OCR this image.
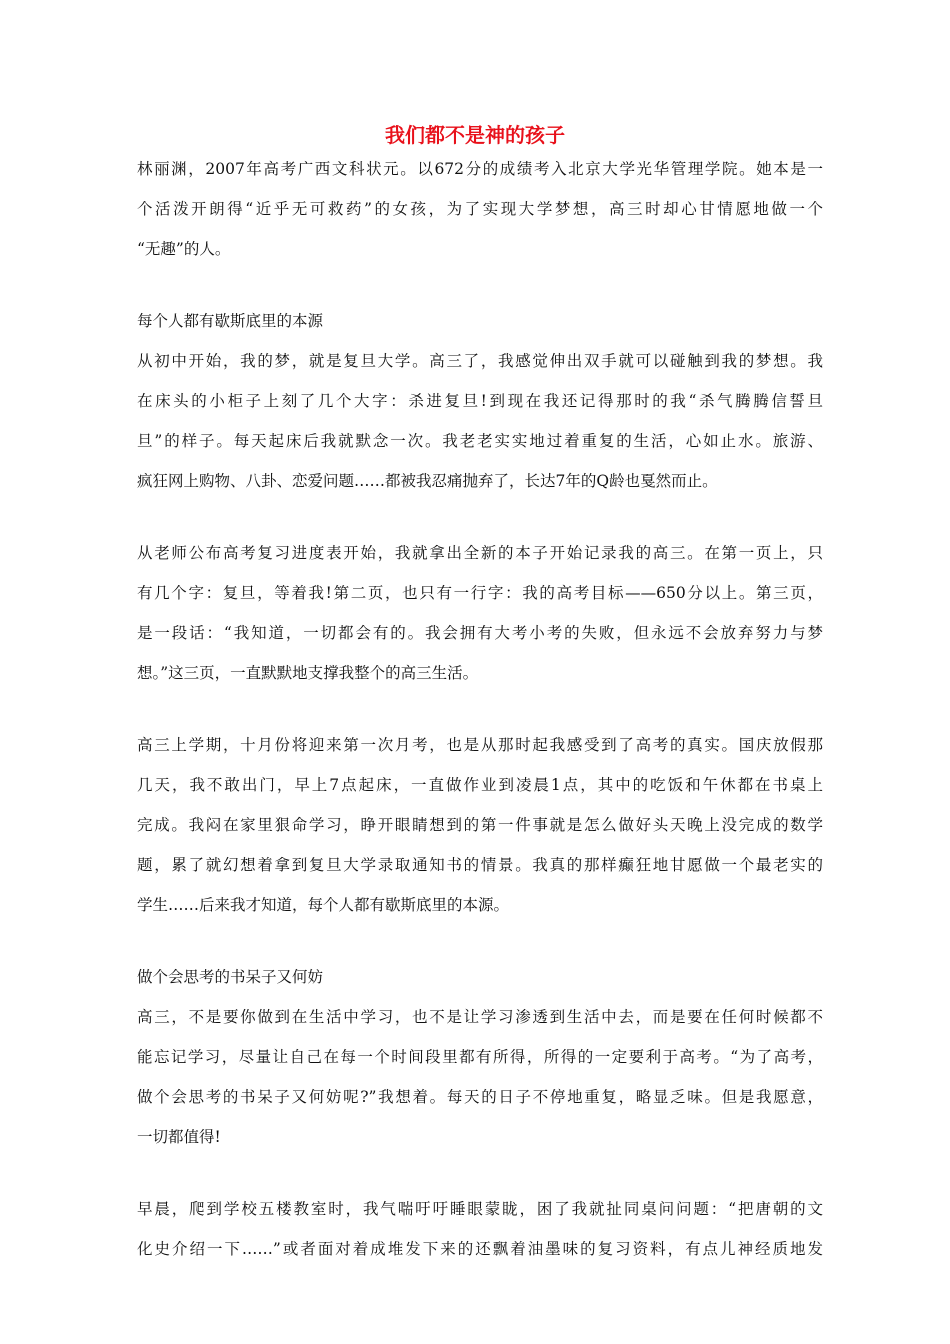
我们都不是神的孩子
林丽渊，2007年高考广西文科状元。以672分的成绩考入北京大学光华管理学院。她本是一
个活泼开朗得“近乎无可救药”的女孩，为了实现大学梦想，高三时却心甘情愿地做一个
“无趣”的人。
每个人都有歇斯底里的本源
从初中开始，我的梦，就是复旦大学。高三了，我感觉伸出双手就可以碰触到我的梦想。我
在床头的小柜子上刻了几个大字：杀进复旦!到现在我还记得那时的我“杀气腾腾信誓旦
旦”的样子。每天起床后我就默念一次。我老老实实地过着重复的生活，心如止水。旅游、
疯狂网上购物、八卦、恋爱问题……都被我忍痛抛弃了，长达7年的Q龄也戛然而止。
从老师公布高考复习进度表开始，我就拿出全新的本子开始记录我的高三。在第一页上，只
有几个字：复旦，等着我!第二页，也只有一行字：我的高考目标——650分以上。第三页，
是一段话：“我知道，一切都会有的。我会拥有大考小考的失败，但永远不会放弃努力与梦
想。”这三页，一直默默地支撑我整个的高三生活。
高三上学期，十月份将迎来第一次月考，也是从那时起我感受到了高考的真实。国庆放假那
几天，我不敢出门，早上7点起床，一直做作业到凌晨1点，其中的吃饭和午休都在书桌上
完成。我闷在家里狠命学习，睁开眼睛想到的第一件事就是怎么做好头天晚上没完成的数学
题，累了就幻想着拿到复旦大学录取通知书的情景。我真的那样癫狂地甘愿做一个最老实的
学生……后来我才知道，每个人都有歇斯底里的本源。
做个会思考的书呆子又何妨
高三，不是要你做到在生活中学习，也不是让学习渗透到生活中去，而是要在任何时候都不
能忘记学习，尽量让自己在每一个时间段里都有所得，所得的一定要利于高考。“为了高考，
做个会思考的书呆子又何妨呢?”我想着。每天的日子不停地重复，略显乏味。但是我愿意，
一切都值得!
早晨，爬到学校五楼教室时，我气喘吁吁睡眼蒙眬，困了我就扯同桌问问题：“把唐朝的文
化史介绍一下……”或者面对着成堆发下来的还飘着油墨味的复习资料，有点儿神经质地发
